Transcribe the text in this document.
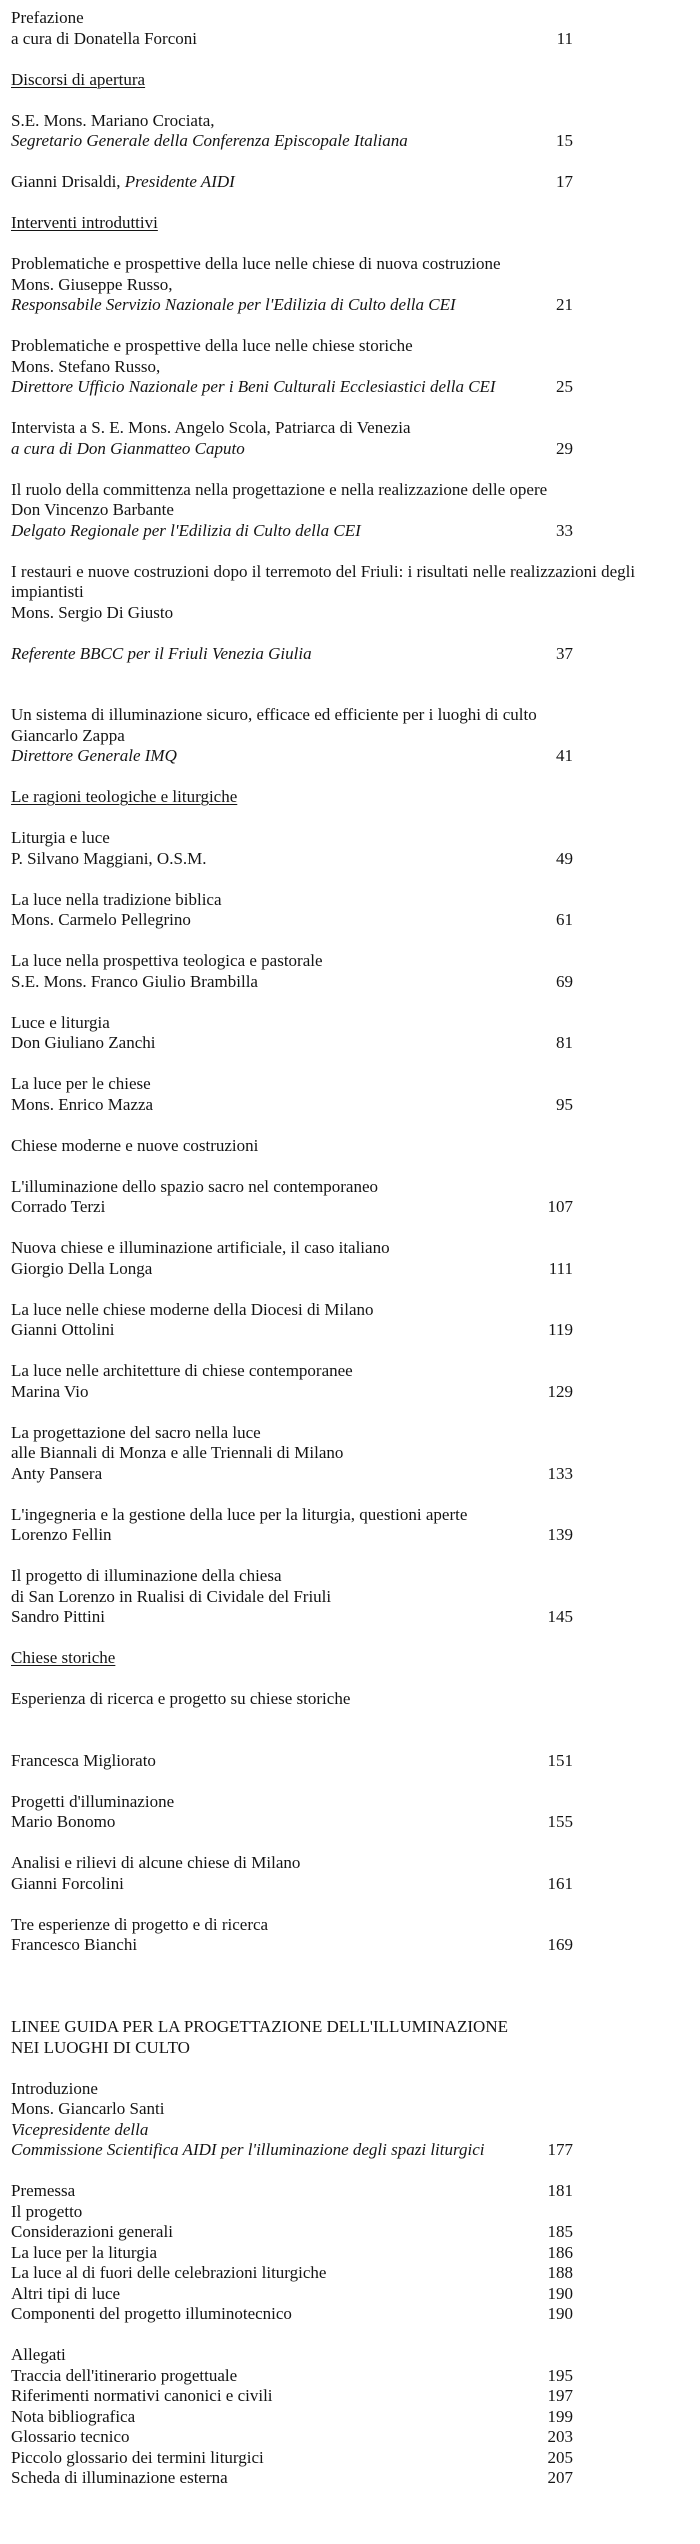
Prefazione
a cura di Donatella Forconi	11
Discorsi di apertura
S.E. Mons. Mariano Crociata,
Segretario Generale della Conferenza Episcopale Italiana	15
Gianni Drisaldi, Presidente AIDI	17
Interventi introduttivi
Problematiche e prospettive della luce nelle chiese di nuova costruzione
Mons. Giuseppe Russo,
Responsabile Servizio Nazionale per l'Edilizia di Culto della CEI	21
Problematiche e prospettive della luce nelle chiese storiche
Mons. Stefano Russo,
Direttore Ufficio Nazionale per i Beni Culturali Ecclesiastici della CEI	25
Intervista a S. E. Mons. Angelo Scola, Patriarca di Venezia
a cura di Don Gianmatteo Caputo	29
Il ruolo della committenza nella progettazione e nella realizzazione delle opere
Don Vincenzo Barbante
Delgato Regionale per l'Edilizia di Culto della CEI	33
I restauri e nuove costruzioni dopo il terremoto del Friuli: i risultati nelle realizzazioni degli
impiantisti
Mons. Sergio Di Giusto
Referente BBCC per il Friuli Venezia Giulia	37
Un sistema di illuminazione sicuro, efficace ed efficiente per i luoghi di culto
Giancarlo Zappa
Direttore Generale IMQ	41
Le ragioni teologiche e liturgiche
Liturgia e luce
P. Silvano Maggiani, O.S.M.	49
La luce nella tradizione biblica
Mons. Carmelo Pellegrino	61
La luce nella prospettiva teologica e pastorale
S.E. Mons. Franco Giulio Brambilla	69
Luce e liturgia
Don Giuliano Zanchi	81
La luce per le chiese
Mons. Enrico Mazza	95
Chiese moderne e nuove costruzioni
L'illuminazione dello spazio sacro nel contemporaneo
Corrado Terzi	107
Nuova chiese e illuminazione artificiale, il caso italiano
Giorgio Della Longa	111
La luce nelle chiese moderne della Diocesi di Milano
Gianni Ottolini	119
La luce nelle architetture di chiese contemporanee
Marina Vio	129
La progettazione del sacro nella luce
alle Biannali di Monza e alle Triennali di Milano
Anty Pansera	133
L'ingegneria e la gestione della luce per la liturgia, questioni aperte
Lorenzo Fellin	139
Il progetto di illuminazione della chiesa
di San Lorenzo in Rualisi di Cividale del Friuli
Sandro Pittini	145
Chiese storiche
Esperienza di ricerca e progetto su chiese storiche
Francesca Migliorato	151
Progetti d'illuminazione
Mario Bonomo	155
Analisi e rilievi di alcune chiese di Milano
Gianni Forcolini	161
Tre esperienze di progetto e di ricerca
Francesco Bianchi	169
LINEE GUIDA PER LA PROGETTAZIONE DELL'ILLUMINAZIONE
NEI LUOGHI DI CULTO
Introduzione
Mons. Giancarlo Santi
Vicepresidente della
Commissione Scientifica AIDI per l'illuminazione degli spazi liturgici	177
Premessa	181
Il progetto
Considerazioni generali	185
La luce per la liturgia	186
La luce al di fuori delle celebrazioni liturgiche	188
Altri tipi di luce	190
Componenti del progetto illuminotecnico	190
Allegati
Traccia dell'itinerario progettuale	195
Riferimenti normativi canonici e civili	197
Nota bibliografica	199
Glossario tecnico	203
Piccolo glossario dei termini liturgici	205
Scheda di illuminazione esterna	207
